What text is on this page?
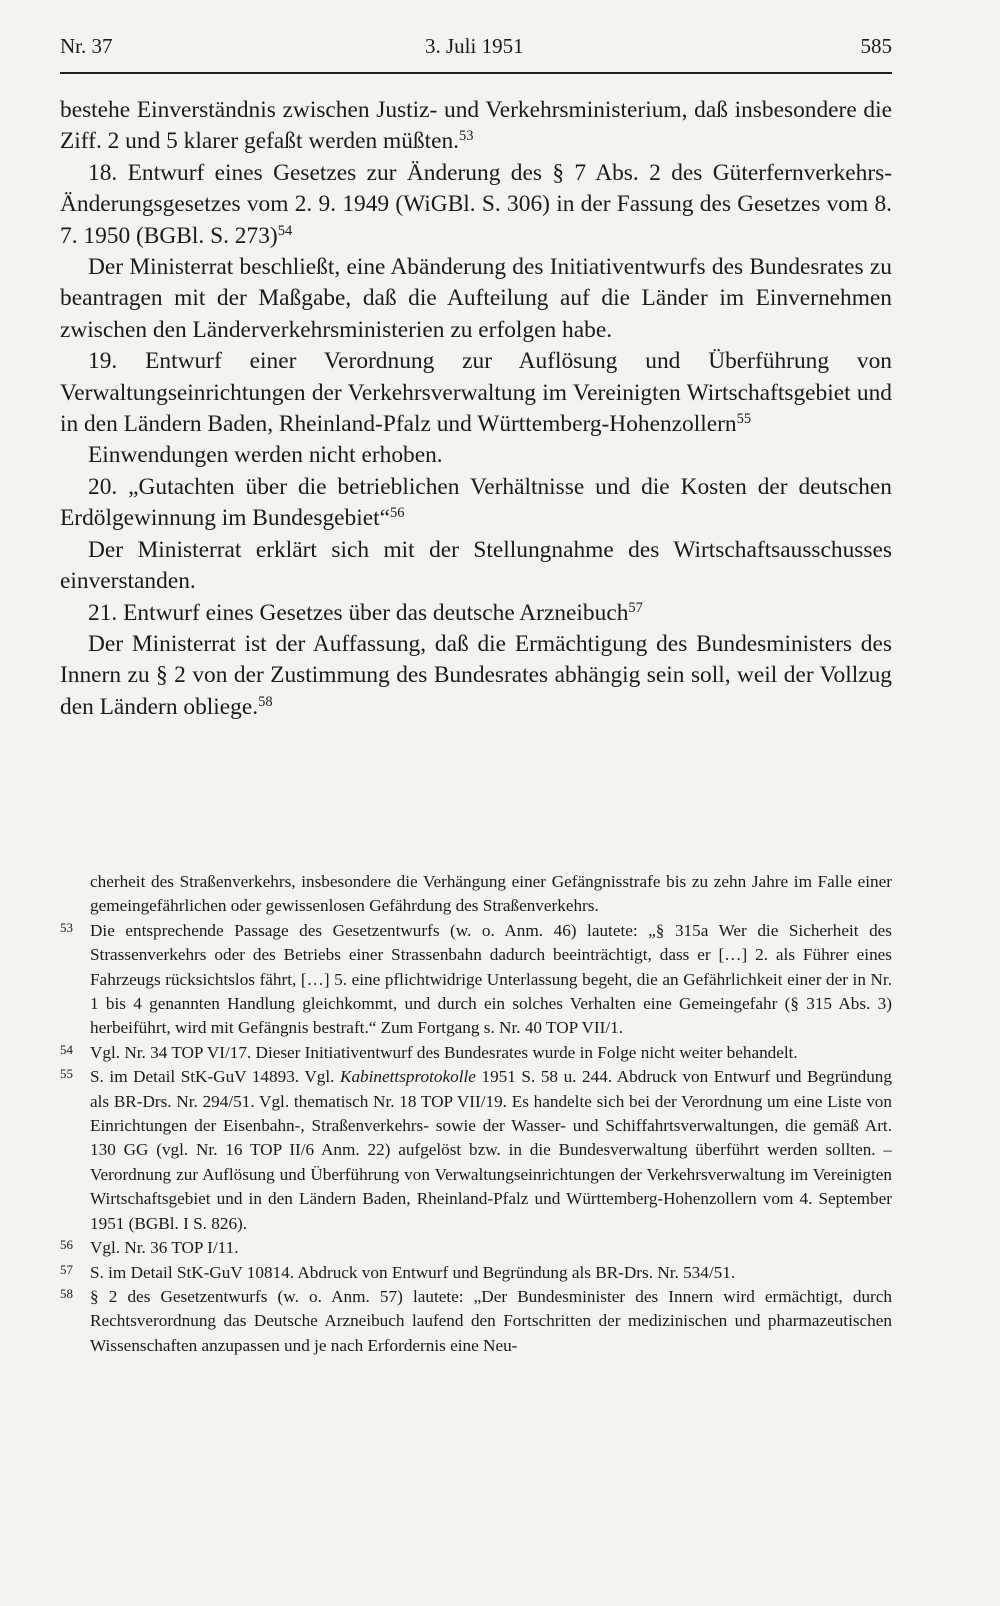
Nr. 37	3. Juli 1951	585

bestehe Einverständnis zwischen Justiz- und Verkehrsministerium, daß insbesondere die Ziff. 2 und 5 klarer gefaßt werden müßten.$^{53}$

18. Entwurf eines Gesetzes zur Änderung des § 7 Abs. 2 des Güterfernverkehrs-Änderungsgesetzes vom 2. 9. 1949 (WiGBl. S. 306) in der Fassung des Gesetzes vom 8. 7. 1950 (BGBl. S. 273)$^{54}$

Der Ministerrat beschließt, eine Abänderung des Initiativentwurfs des Bundesrates zu beantragen mit der Maßgabe, daß die Aufteilung auf die Länder im Einvernehmen zwischen den Länderverkehrsministerien zu erfolgen habe.

19. Entwurf einer Verordnung zur Auflösung und Überführung von Verwaltungseinrichtungen der Verkehrsverwaltung im Vereinigten Wirtschaftsgebiet und in den Ländern Baden, Rheinland-Pfalz und Württemberg-Hohenzollern$^{55}$

Einwendungen werden nicht erhoben.

20. „Gutachten über die betrieblichen Verhältnisse und die Kosten der deutschen Erdölgewinnung im Bundesgebiet“$^{56}$

Der Ministerrat erklärt sich mit der Stellungnahme des Wirtschaftsausschusses einverstanden.

21. Entwurf eines Gesetzes über das deutsche Arzneibuch$^{57}$

Der Ministerrat ist der Auffassung, daß die Ermächtigung des Bundesministers des Innern zu § 2 von der Zustimmung des Bundesrates abhängig sein soll, weil der Vollzug den Ländern obliege.$^{58}$

cherheit des Straßenverkehrs, insbesondere die Verhängung einer Gefängnisstrafe bis zu zehn Jahre im Falle einer gemeingefährlichen oder gewissenlosen Gefährdung des Straßenverkehrs.

53 Die entsprechende Passage des Gesetzentwurfs (w. o. Anm. 46) lautete: „§ 315a Wer die Sicherheit des Strassenverkehrs oder des Betriebs einer Strassenbahn dadurch beeinträchtigt, dass er […] 2. als Führer eines Fahrzeugs rücksichtslos fährt, […] 5. eine pflichtwidrige Unterlassung begeht, die an Gefährlichkeit einer der in Nr. 1 bis 4 genannten Handlung gleichkommt, und durch ein solches Verhalten eine Gemeingefahr (§ 315 Abs. 3) herbeiführt, wird mit Gefängnis bestraft.“ Zum Fortgang s. Nr. 40 TOP VII/1.

54 Vgl. Nr. 34 TOP VI/17. Dieser Initiativentwurf des Bundesrates wurde in Folge nicht weiter behandelt.

55 S. im Detail StK-GuV 14893. Vgl. Kabinettsprotokolle 1951 S. 58 u. 244. Abdruck von Entwurf und Begründung als BR-Drs. Nr. 294/51. Vgl. thematisch Nr. 18 TOP VII/19. Es handelte sich bei der Verordnung um eine Liste von Einrichtungen der Eisenbahn-, Straßenverkehrs- sowie der Wasser- und Schiffahrtsverwaltungen, die gemäß Art. 130 GG (vgl. Nr. 16 TOP II/6 Anm. 22) aufgelöst bzw. in die Bundesverwaltung überführt werden sollten. – Verordnung zur Auflösung und Überführung von Verwaltungseinrichtungen der Verkehrsverwaltung im Vereinigten Wirtschaftsgebiet und in den Ländern Baden, Rheinland-Pfalz und Württemberg-Hohenzollern vom 4. September 1951 (BGBl. I S. 826).

56 Vgl. Nr. 36 TOP I/11.

57 S. im Detail StK-GuV 10814. Abdruck von Entwurf und Begründung als BR-Drs. Nr. 534/51.

58 § 2 des Gesetzentwurfs (w. o. Anm. 57) lautete: „Der Bundesminister des Innern wird ermächtigt, durch Rechtsverordnung das Deutsche Arzneibuch laufend den Fortschritten der medizinischen und pharmazeutischen Wissenschaften anzupassen und je nach Erfordernis eine Neu-
